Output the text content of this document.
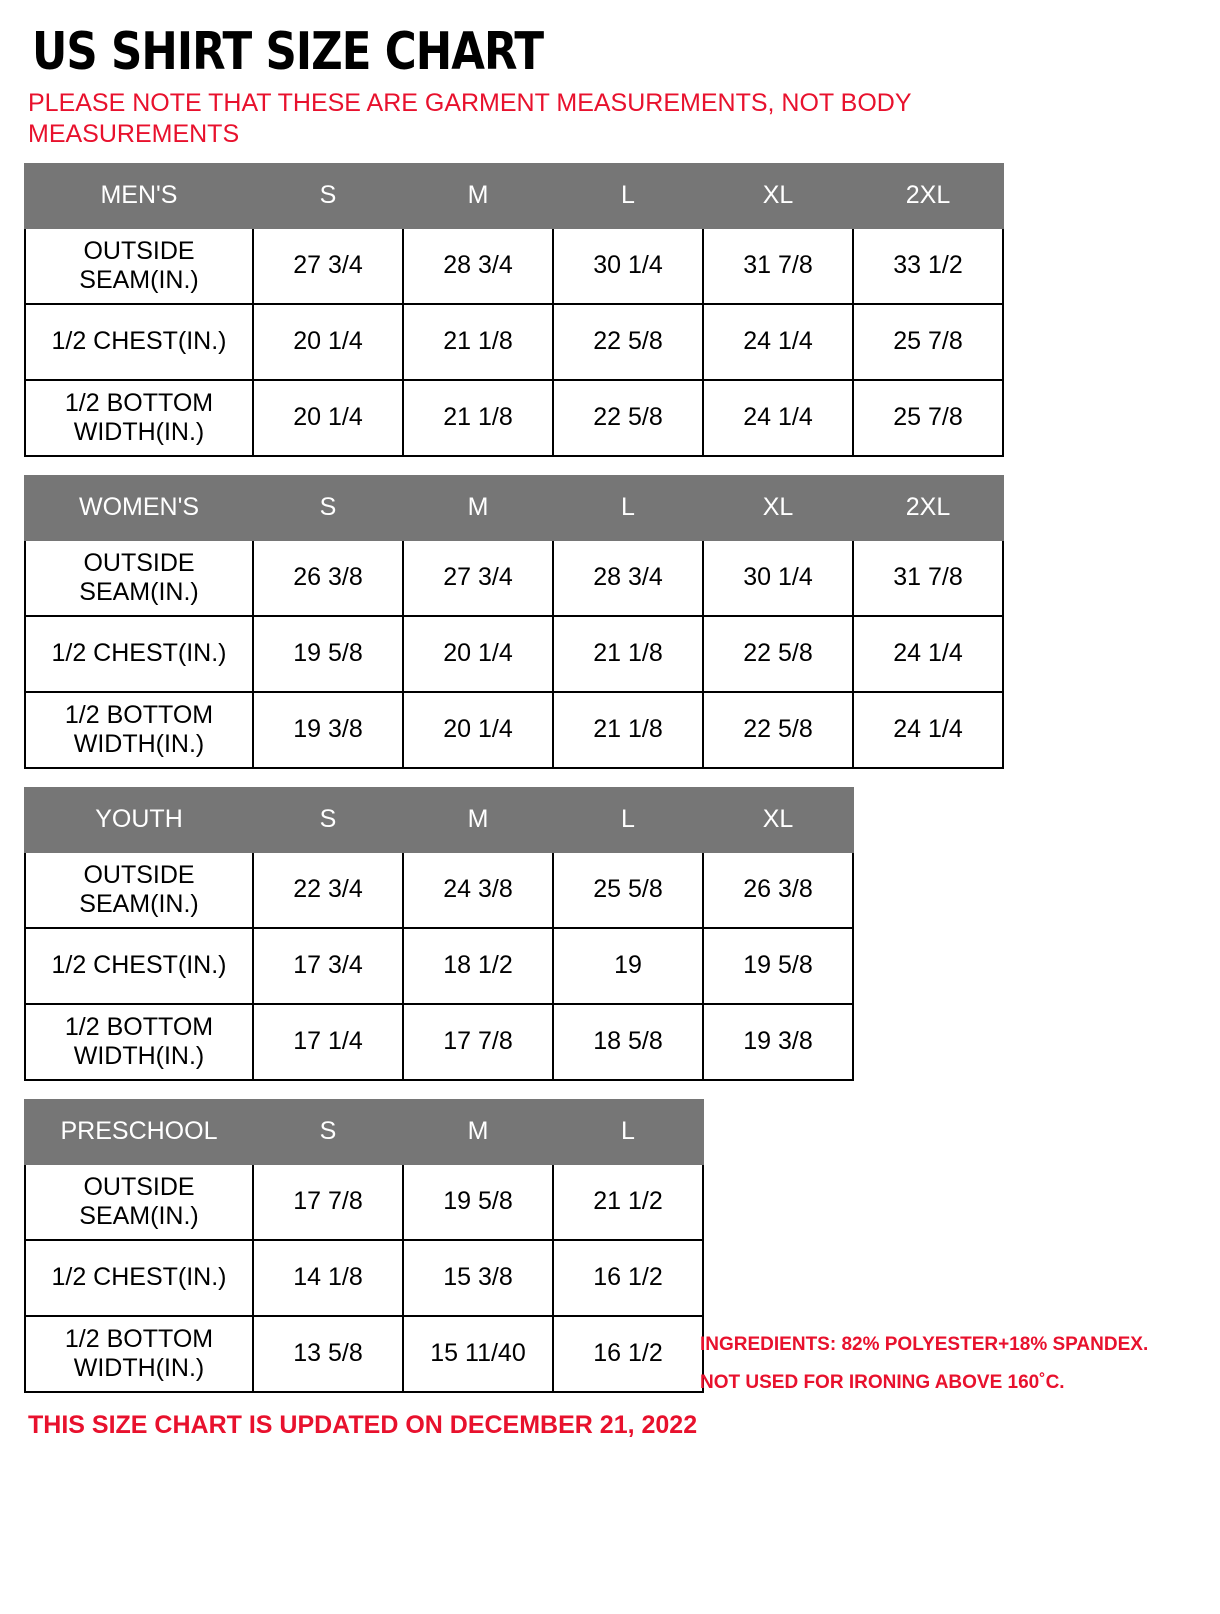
US SHIRT SIZE CHART

PLEASE NOTE THAT THESE ARE GARMENT MEASUREMENTS, NOT BODY MEASUREMENTS

MEN'S	S	M	L	XL	2XL
OUTSIDE SEAM(IN.)	27 3/4	28 3/4	30 1/4	31 7/8	33 1/2
1/2 CHEST(IN.)	20 1/4	21 1/8	22 5/8	24 1/4	25 7/8
1/2 BOTTOM WIDTH(IN.)	20 1/4	21 1/8	22 5/8	24 1/4	25 7/8
WOMEN'S	S	M	L	XL	2XL
OUTSIDE SEAM(IN.)	26 3/8	27 3/4	28 3/4	30 1/4	31 7/8
1/2 CHEST(IN.)	19 5/8	20 1/4	21 1/8	22 5/8	24 1/4
1/2 BOTTOM WIDTH(IN.)	19 3/8	20 1/4	21 1/8	22 5/8	24 1/4
YOUTH	S	M	L	XL
OUTSIDE SEAM(IN.)	22 3/4	24 3/8	25 5/8	26 3/8
1/2 CHEST(IN.)	17 3/4	18 1/2	19	19 5/8
1/2 BOTTOM WIDTH(IN.)	17 1/4	17 7/8	18 5/8	19 3/8
PRESCHOOL	S	M	L
OUTSIDE SEAM(IN.)	17 7/8	19 5/8	21 1/2
1/2 CHEST(IN.)	14 1/8	15 3/8	16 1/2
1/2 BOTTOM WIDTH(IN.)	13 5/8	15 11/40	16 1/2
THIS SIZE CHART IS UPDATED ON DECEMBER 21, 2022
INGREDIENTS: 82% POLYESTER+18% SPANDEX.
NOT USED FOR IRONING ABOVE 160˚C.
